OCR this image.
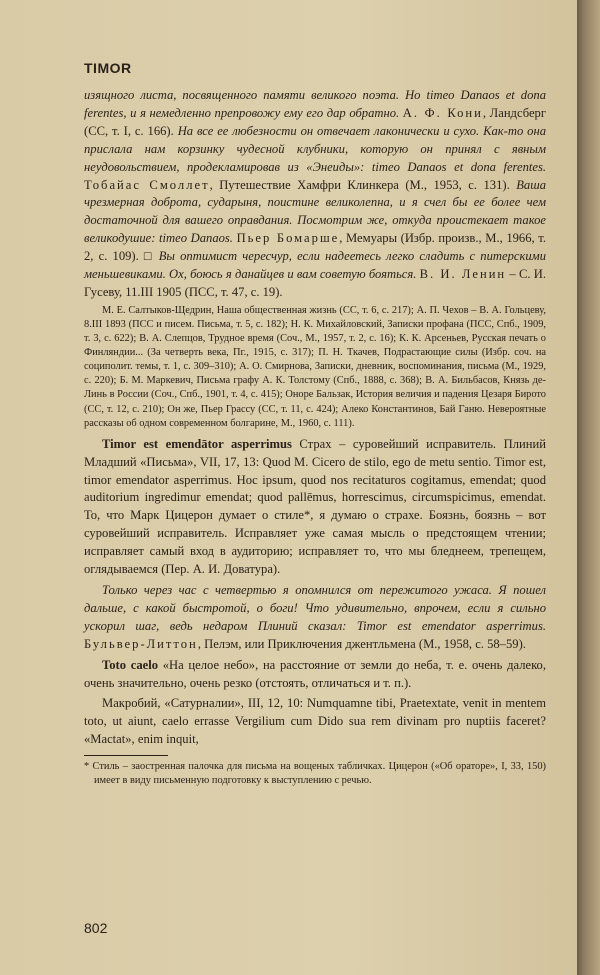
TIMOR

изящного листа, посвященного памяти великого поэта. Но timeo Danaos et dona ferentes, и я немедленно препровожу ему его дар обратно. А. Ф. Кони, Ландсберг (СС, т. I, с. 166). На все ее любезности он отвечает лаконически и сухо. Как-то она прислала нам корзинку чудесной клубники, которую он принял с явным неудовольствием, продекламировав из «Энеиды»: timeo Danaos et dona ferentes. Тобайас Смоллет, Путешествие Хамфри Клинкера (М., 1953, с. 131). Ваша чрезмерная доброта, сударыня, поистине великолепна, и я счел бы ее более чем достаточной для вашего оправдания. Посмотрим же, откуда проистекает такое великодушие: timeo Danaos. Пьер Бомарше, Мемуары (Избр. произв., М., 1966, т. 2, с. 109). □ Вы оптимист чересчур, если надеетесь легко сладить с питерскими меньшевиками. Ох, боюсь я данайцев и вам советую бояться. В. И. Ленин – С. И. Гусеву, 11.III 1905 (ПСС, т. 47, с. 19).

М. Е. Салтыков-Щедрин, Наша общественная жизнь (СС, т. 6, с. 217); А. П. Чехов – В. А. Гольцеву, 8.III 1893 (ПСС и писем. Письма, т. 5, с. 182); Н. К. Михайловский, Записки профана (ПСС, Спб., 1909, т. 3, с. 622); В. А. Слепцов, Трудное время (Соч., М., 1957, т. 2, с. 16); К. К. Арсеньев, Русская печать о Финляндии... (За четверть века, Пг., 1915, с. 317); П. Н. Ткачев, Подрастающие силы (Избр. соч. на социполит. темы, т. 1, с. 309–310); А. О. Смирнова, Записки, дневник, воспоминания, письма (М., 1929, с. 220); Б. М. Маркевич, Письма графу А. К. Толстому (Спб., 1888, с. 368); В. А. Бильбасов, Князь де-Линь в России (Соч., Спб., 1901, т. 4, с. 415); Оноре Бальзак, История величия и падения Цезаря Бирото (СС, т. 12, с. 210); Он же, Пьер Грассу (СС, т. 11, с. 424); Алеко Константинов, Бай Ганю. Невероятные рассказы об одном современном болгарине, М., 1960, с. 111).

Timor est emendātor asperrimus Страх – суровейший исправитель. Плиний Младший «Письма», VII, 17, 13: Quod M. Cicero de stilo, ego de metu sentio. Timor est, timor emendator asperrimus. Hoc ipsum, quod nos recitaturos cogitamus, emendat; quod auditorium ingredimur emendat; quod pallēmus, horrescimus, circumspicimus, emendat. То, что Марк Цицерон думает о стиле*, я думаю о страхе. Боязнь, боязнь – вот суровейший исправитель. Исправляет уже самая мысль о предстоящем чтении; исправляет самый вход в аудиторию; исправляет то, что мы бледнеем, трепещем, оглядываемся (Пер. А. И. Доватура).

Только через час с четвертью я опомнился от пережитого ужаса. Я пошел дальше, с какой быстротой, о боги! Что удивительно, впрочем, если я сильно ускорил шаг, ведь недаром Плиний сказал: Timor est emendator asperrimus. Бульвер-Литтон, Пелэм, или Приключения джентльмена (М., 1958, с. 58–59).

Toto caelo «На целое небо», на расстояние от земли до неба, т. е. очень далеко, очень значительно, очень резко (отстоять, отличаться и т. п.).

Макробий, «Сатурналии», III, 12, 10: Numquamne tibi, Praetextate, venit in mentem toto, ut aiunt, caelo errasse Vergilium cum Dido sua rem divinam pro nuptiis faceret? «Mactat», enim inquit,

* Стиль – заостренная палочка для письма на вощеных табличках. Цицерон («Об ораторе», I, 33, 150) имеет в виду письменную подготовку к выступлению с речью.
802
